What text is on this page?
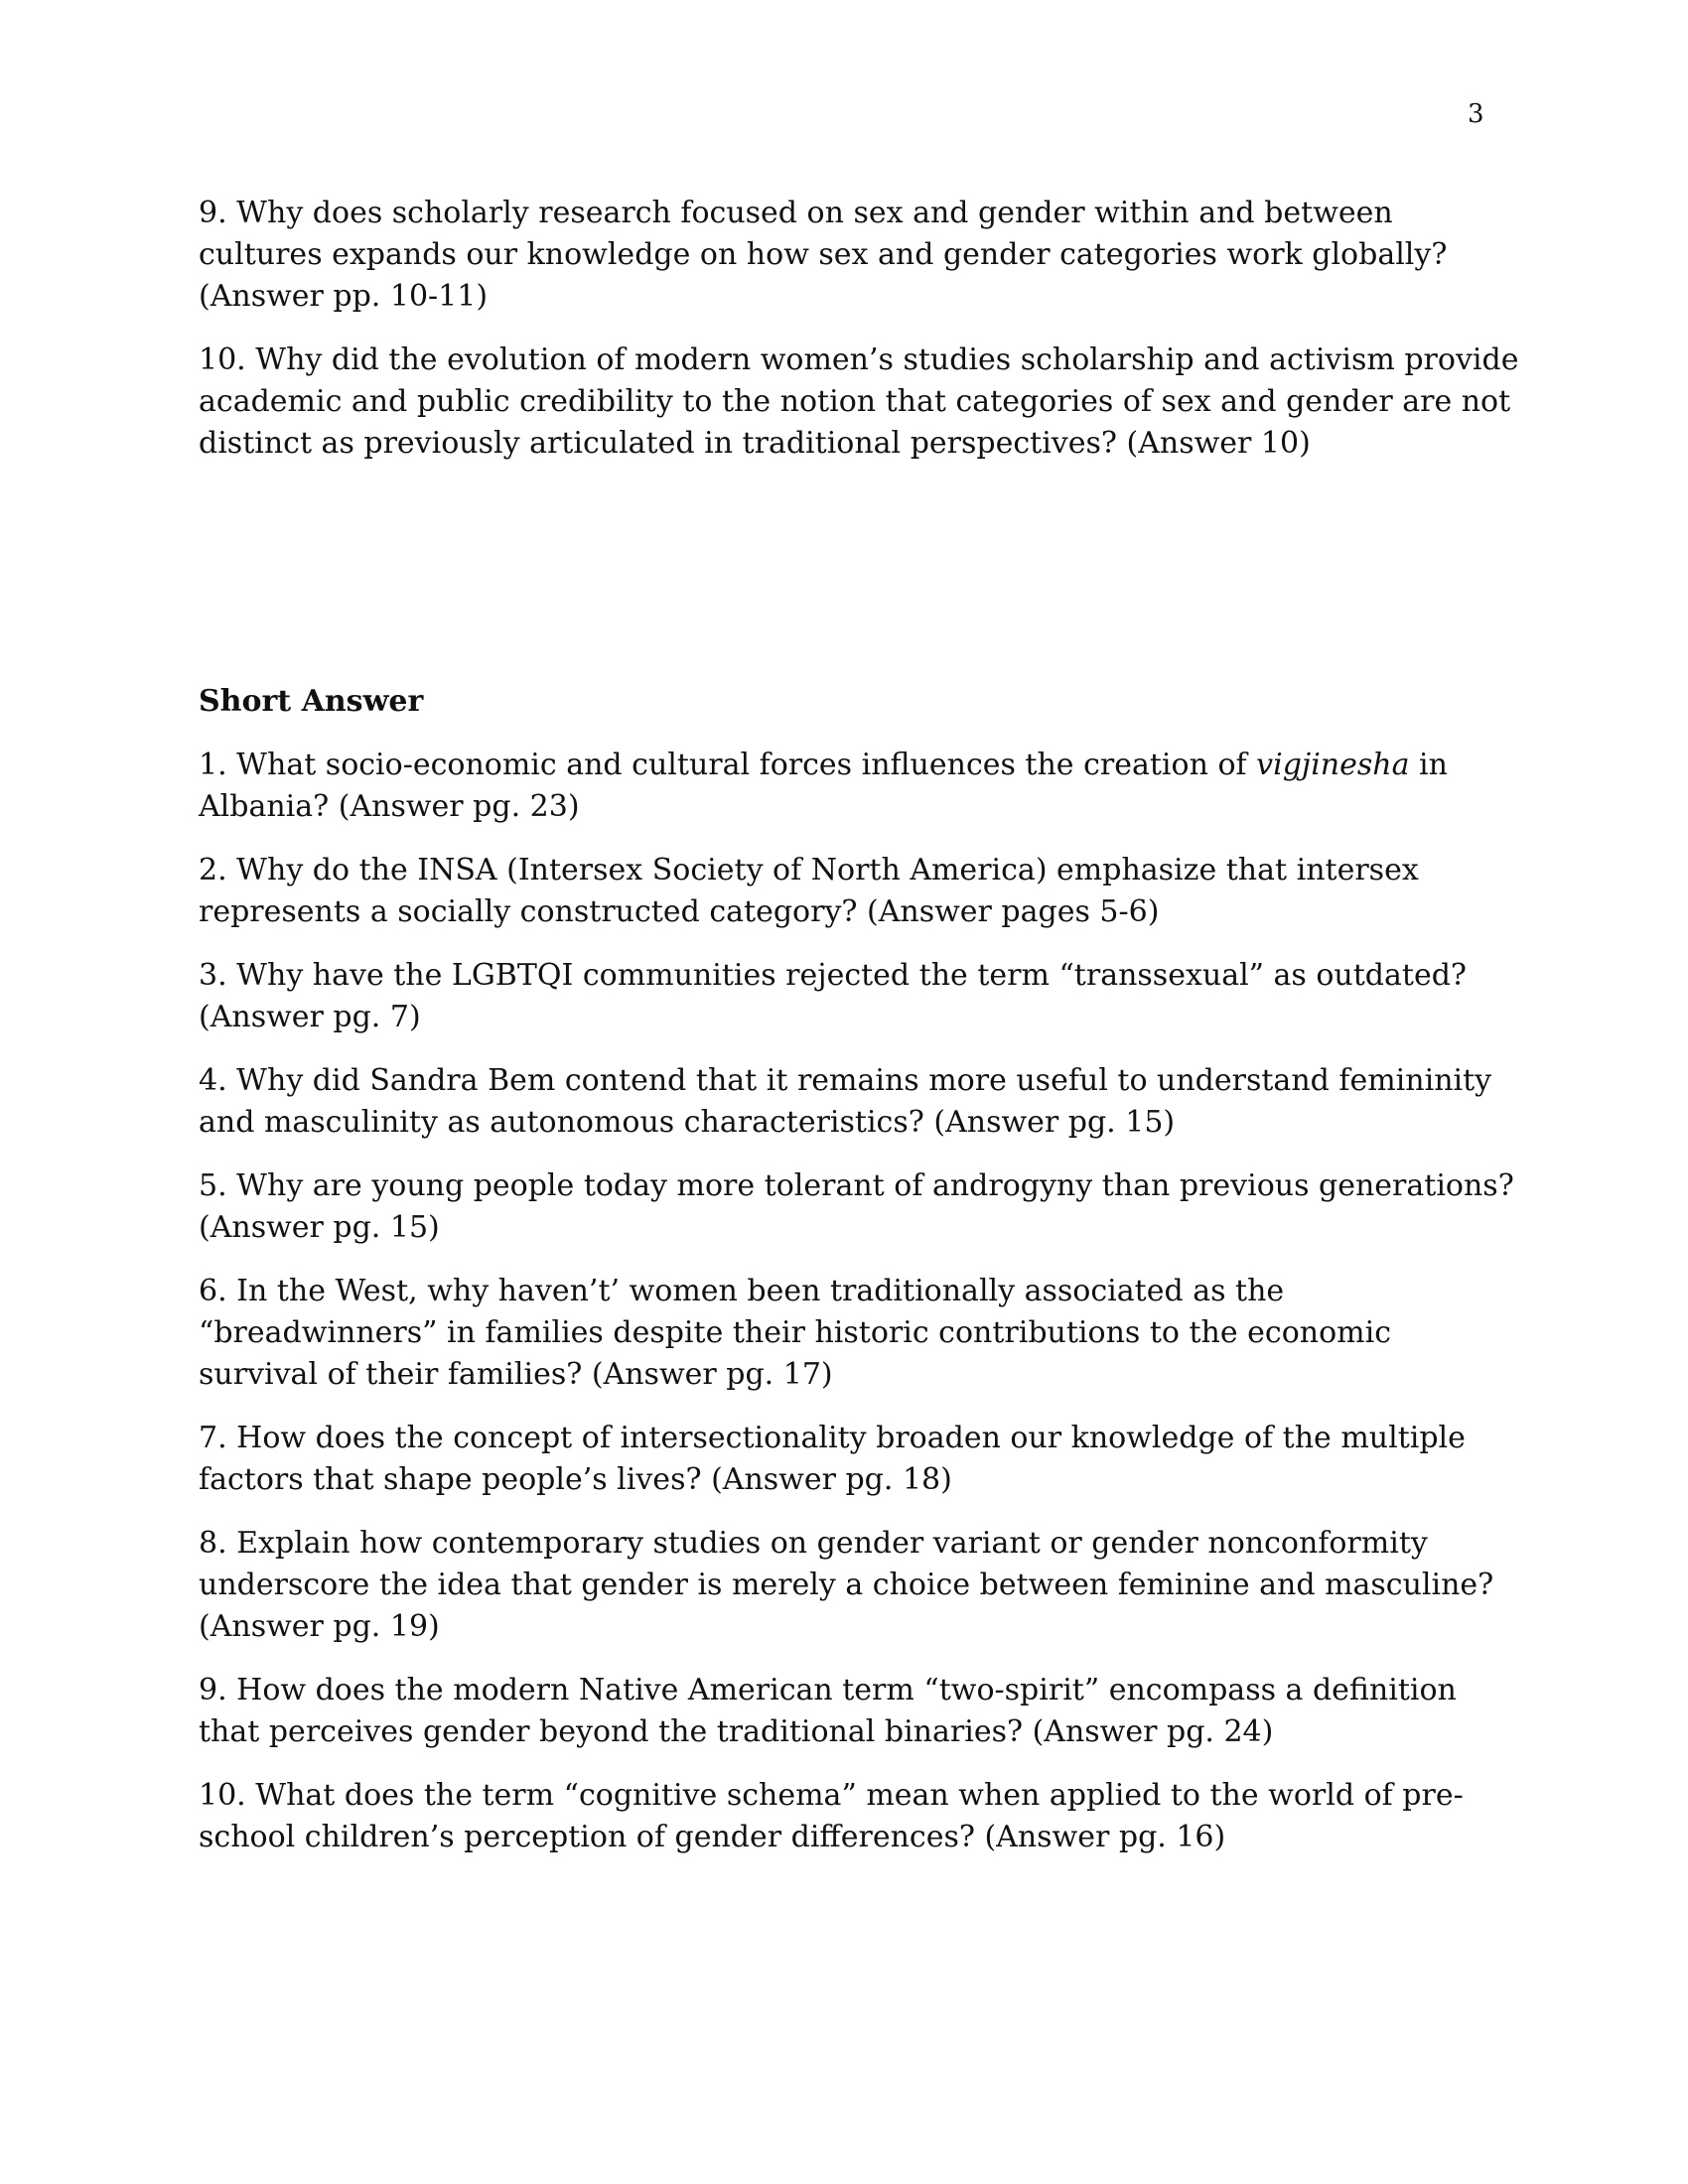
3

9. Why does scholarly research focused on sex and gender within and between cultures expands our knowledge on how sex and gender categories work globally? (Answer pp. 10-11)

10. Why did the evolution of modern women’s studies scholarship and activism provide academic and public credibility to the notion that categories of sex and gender are not distinct as previously articulated in traditional perspectives? (Answer 10)

Short Answer

1. What socio-economic and cultural forces influences the creation of vigjinesha in Albania? (Answer pg. 23)

2. Why do the INSA (Intersex Society of North America) emphasize that intersex represents a socially constructed category? (Answer pages 5-6)

3. Why have the LGBTQI communities rejected the term “transsexual” as outdated? (Answer pg. 7)

4. Why did Sandra Bem contend that it remains more useful to understand femininity and masculinity as autonomous characteristics? (Answer pg. 15)

5. Why are young people today more tolerant of androgyny than previous generations? (Answer pg. 15)

6. In the West, why haven’t’ women been traditionally associated as the “breadwinners” in families despite their historic contributions to the economic survival of their families? (Answer pg. 17)

7. How does the concept of intersectionality broaden our knowledge of the multiple factors that shape people’s lives? (Answer pg. 18)

8. Explain how contemporary studies on gender variant or gender nonconformity underscore the idea that gender is merely a choice between feminine and masculine? (Answer pg. 19)

9. How does the modern Native American term “two-spirit” encompass a definition that perceives gender beyond the traditional binaries? (Answer pg. 24)

10. What does the term “cognitive schema” mean when applied to the world of pre-school children’s perception of gender differences? (Answer pg. 16)
